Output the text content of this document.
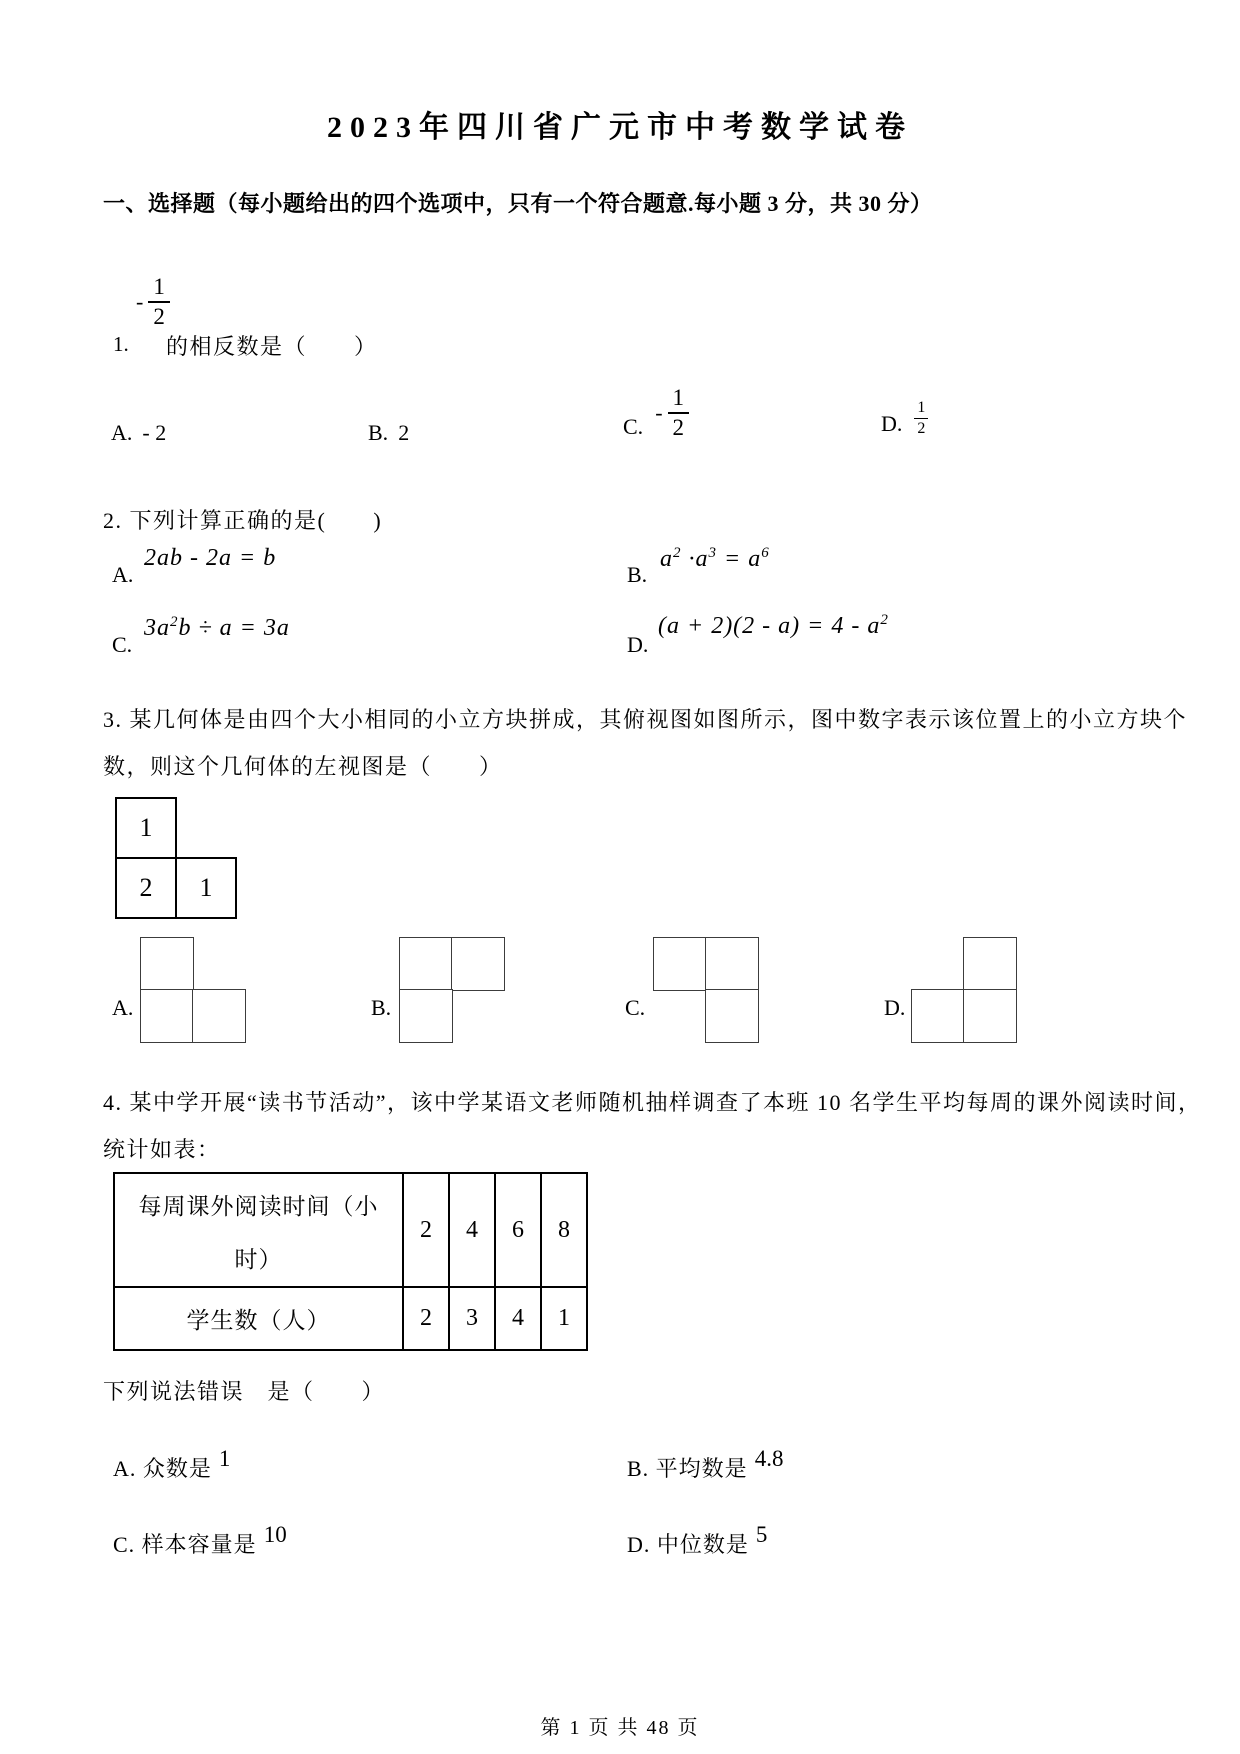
2023年四川省广元市中考数学试卷
一、选择题（每小题给出的四个选项中，只有一个符合题意.每小题 3 分，共 30 分）
- $\frac{1}{2}$
1. 的相反数是（　　）
A. - 2	B. 2	C.
- $\frac{1}{2}$	D. $\frac{1}{2}$
2. 下列计算正确的是(　　)
A.
2ab - 2a = b
B.
$a^2 \cdot a^3 = a^6$
C.
$3a^2b \div a = 3a$
D.
$(a + 2)(2 - a) = 4 - a^2$
3. 某几何体是由四个大小相同的小立方块拼成，其俯视图如图所示，图中数字表示该位置上的小立方块个
数，则这个几何体的左视图是（　　）
1
2	1
A.	B.	C.	D.
4. 某中学开展“读书节活动”，该中学某语文老师随机抽样调查了本班 10 名学生平均每周的课外阅读时间，
统计如表：
每周课外阅读时间（小
时）	2	4	6	8
学生数（人）	2	3	4	1
下列说法错误　是（　　）
A. 众数是 1	B. 平均数是 4.8
C. 样本容量是 10	D. 中位数是 5
第 1 页 共 48 页
